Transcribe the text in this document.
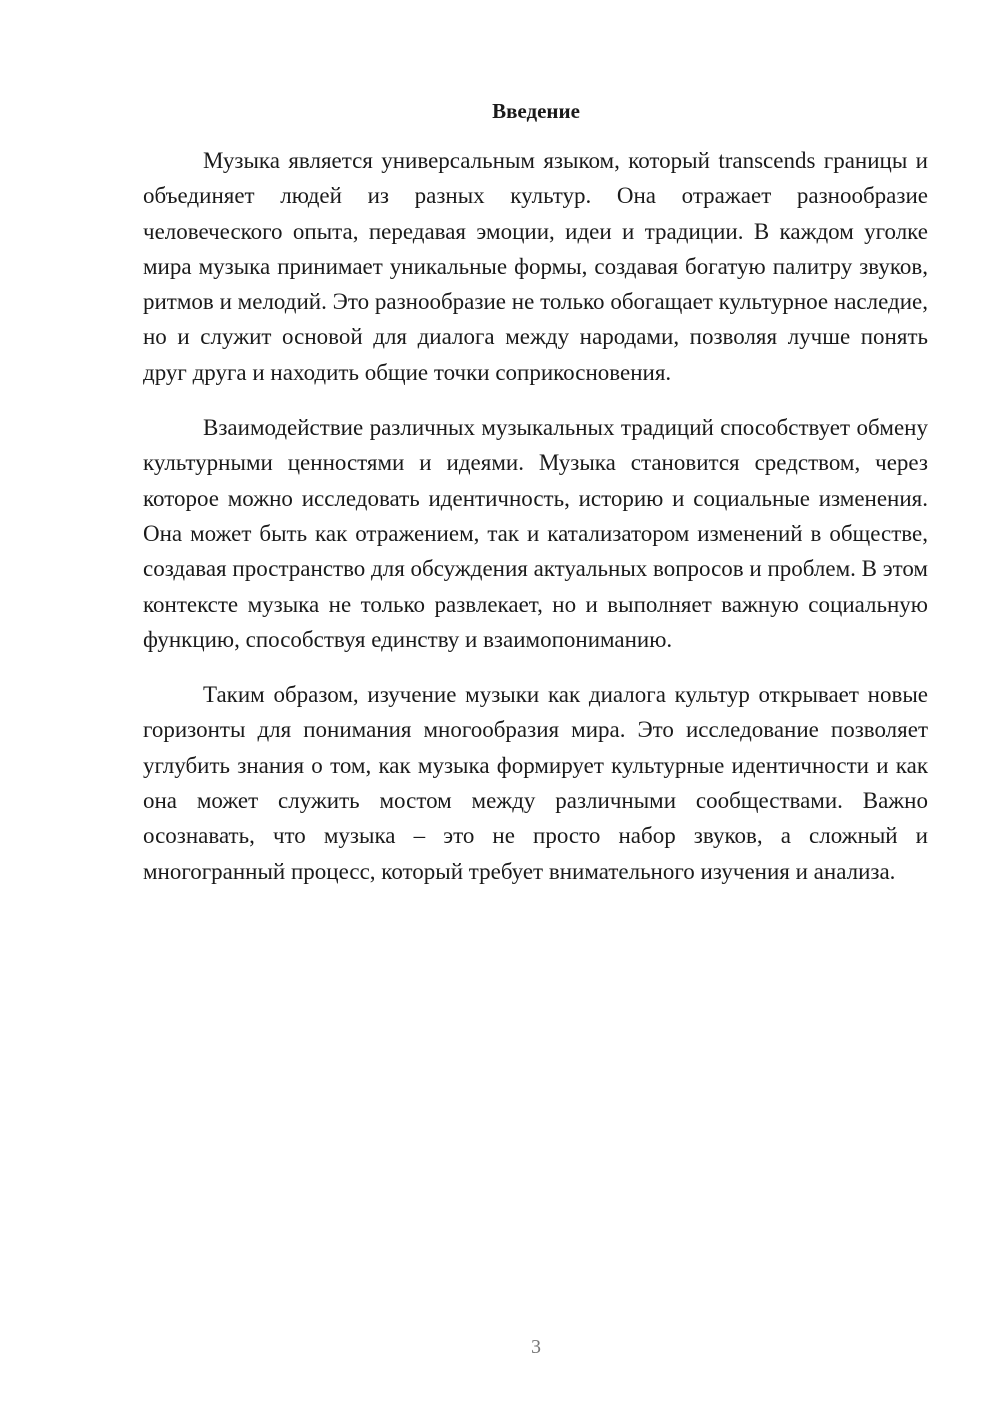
Введение

Музыка является универсальным языком, который transcends границы и объединяет людей из разных культур. Она отражает разнообразие человеческого опыта, передавая эмоции, идеи и традиции. В каждом уголке мира музыка принимает уникальные формы, создавая богатую палитру звуков, ритмов и мелодий. Это разнообразие не только обогащает культурное наследие, но и служит основой для диалога между народами, позволяя лучше понять друг друга и находить общие точки соприкосновения.

Взаимодействие различных музыкальных традиций способствует обмену культурными ценностями и идеями. Музыка становится средством, через которое можно исследовать идентичность, историю и социальные изменения. Она может быть как отражением, так и катализатором изменений в обществе, создавая пространство для обсуждения актуальных вопросов и проблем. В этом контексте музыка не только развлекает, но и выполняет важную социальную функцию, способствуя единству и взаимопониманию.

Таким образом, изучение музыки как диалога культур открывает новые горизонты для понимания многообразия мира. Это исследование позволяет углубить знания о том, как музыка формирует культурные идентичности и как она может служить мостом между различными сообществами. Важно осознавать, что музыка – это не просто набор звуков, а сложный и многогранный процесс, который требует внимательного изучения и анализа.

3
